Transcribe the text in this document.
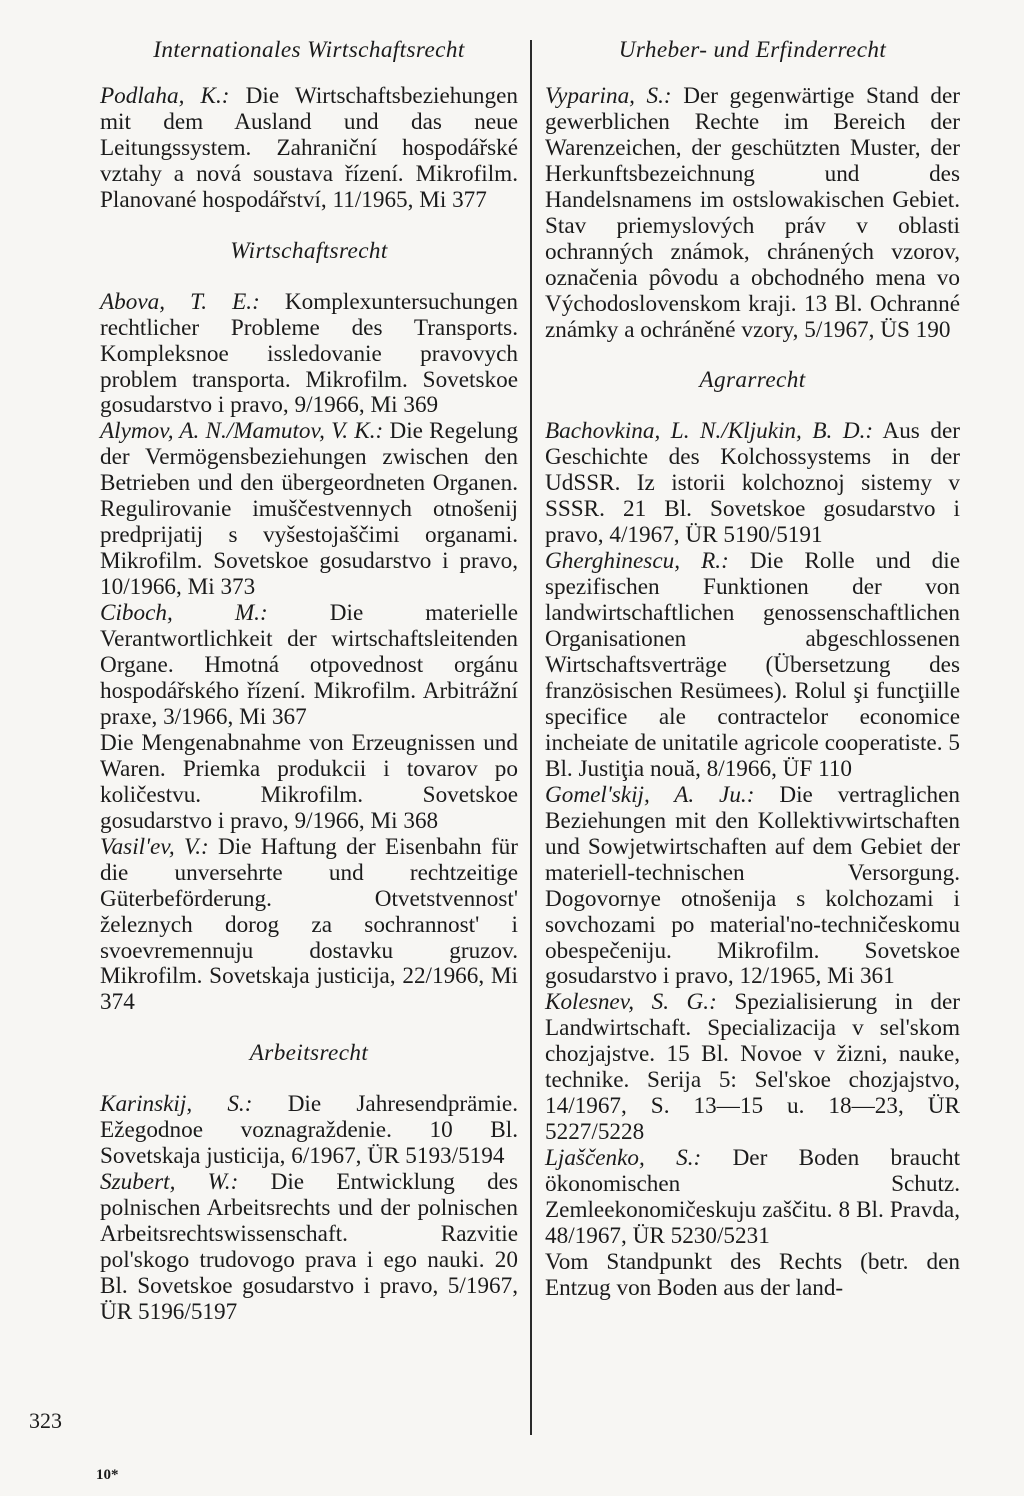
Internationales Wirtschaftsrecht

Podlaha, K.: Die Wirtschaftsbeziehungen mit dem Ausland und das neue Leitungssystem. Zahraniční hospodářské vztahy a nová soustava řízení. Mikrofilm. Planované hospodářství, 11/1965, Mi 377

Wirtschaftsrecht

Abova, T. E.: Komplexuntersuchungen rechtlicher Probleme des Transports. Kompleksnoe issledovanie pravovych problem transporta. Mikrofilm. Sovetskoe gosudarstvo i pravo, 9/1966, Mi 369

Alymov, A. N./Mamutov, V. K.: Die Regelung der Vermögensbeziehungen zwischen den Betrieben und den übergeordneten Organen. Regulirovanie imuščestvennych otnošenij predprijatij s vyšestojaščimi organami. Mikrofilm. Sovetskoe gosudarstvo i pravo, 10/1966, Mi 373

Ciboch, M.:	Die materielle Verantwortlichkeit der wirtschaftsleitenden Organe. Hmotná otpovednost orgánu hospodářského řízení. Mikrofilm. Arbitrážní praxe, 3/1966, Mi 367

Die Mengenabnahme von Erzeugnissen und Waren. Priemka produkcii i tovarov po količestvu. Mikrofilm. Sovetskoe gosudarstvo i pravo, 9/1966, Mi 368

Vasil'ev, V.: Die Haftung der Eisenbahn für die unversehrte und rechtzeitige Güterbeförderung. Otvetstvennost' železnych dorog za sochrannost' i svoevremennuju dostavku gruzov. Mikrofilm. Sovetskaja justicija, 22/1966, Mi 374

Arbeitsrecht

Karinskij, S.: Die Jahresendprämie. Ežegodnoe voznagraždenie. 10 Bl. Sovetskaja justicija, 6/1967, ÜR 5193/5194

Szubert, W.: Die Entwicklung des polnischen Arbeitsrechts und der polnischen Arbeitsrechtswissenschaft. Razvitie pol'skogo trudovogo prava i ego nauki. 20 Bl. Sovetskoe gosudarstvo i pravo, 5/1967, ÜR 5196/5197

Urheber- und Erfinderrecht

Vyparina, S.: Der gegenwärtige Stand der gewerblichen Rechte im Bereich der Warenzeichen, der geschützten Muster, der Herkunftsbezeichnung und des Handelsnamens im ostslowakischen Gebiet. Stav priemyslových práv v oblasti ochranných známok, chránených vzorov, označenia pôvodu a obchodného mena vo Východoslovenskom kraji. 13 Bl. Ochranné známky a ochráněné vzory, 5/1967, ÜS 190

Agrarrecht

Bachovkina, L. N./Kljukin, B. D.: Aus der Geschichte des Kolchossystems in der UdSSR. Iz istorii kolchoznoj sistemy v SSSR. 21 Bl. Sovetskoe gosudarstvo i pravo, 4/1967, ÜR 5190/5191

Gherghinescu, R.: Die Rolle und die spezifischen Funktionen der von landwirtschaftlichen genossenschaftlichen Organisationen abgeschlossenen Wirtschaftsverträge (Übersetzung des französischen Resümees). Rolul şi funcţiille specifice ale contractelor economice incheiate de unitatile agricole cooperatiste. 5 Bl. Justiţia nouă, 8/1966, ÜF 110

Gomel'skij, A. Ju.: Die vertraglichen Beziehungen mit den Kollektivwirtschaften und Sowjetwirtschaften auf dem Gebiet der materiell-technischen Versorgung. Dogovornye otnošenija s kolchozami i sovchozami po material'no-techničeskomu obespečeniju. Mikrofilm. Sovetskoe gosudarstvo i pravo, 12/1965, Mi 361

Kolesnev, S. G.: Spezialisierung in der Landwirtschaft. Specializacija v sel'skom chozjajstve. 15 Bl. Novoe v žizni, nauke, technike. Serija 5: Sel'skoe chozjajstvo, 14/1967, S. 13—15 u. 18—23, ÜR 5227/5228

Ljaščenko, S.: Der Boden braucht ökonomischen Schutz. Zemleekonomičeskuju zaščitu. 8 Bl. Pravda, 48/1967, ÜR 5230/5231

Vom Standpunkt des Rechts (betr. den Entzug von Boden aus der land-

323
10*
